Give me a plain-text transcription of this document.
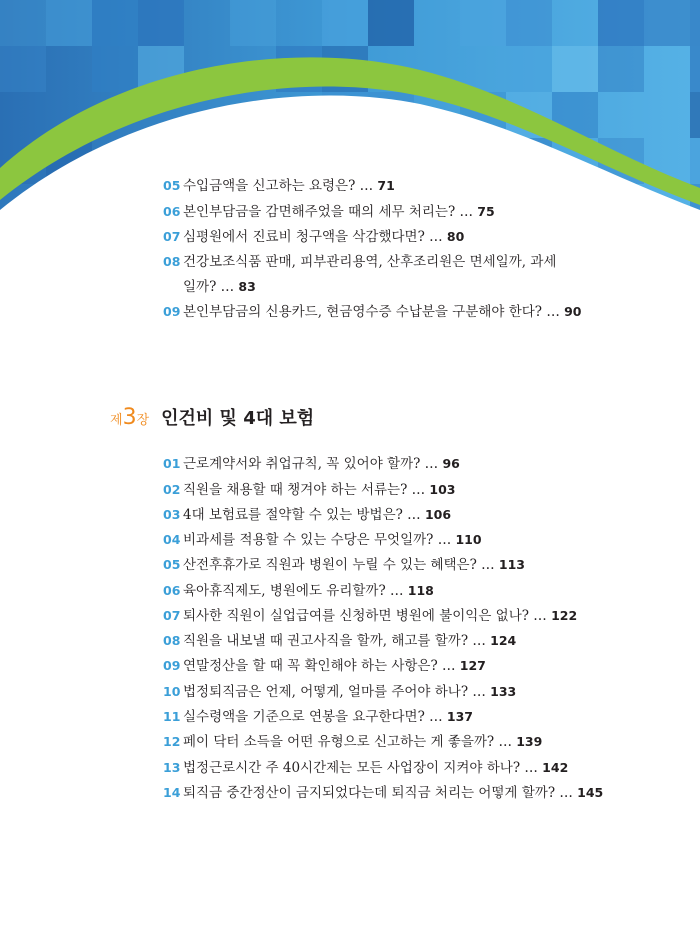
05 수입금액을 신고하는 요령은? … 71
06 본인부담금을 감면해주었을 때의 세무 처리는? … 75
07 심평원에서 진료비 청구액을 삭감했다면? … 80
08 건강보조식품 판매, 피부관리용역, 산후조리원은 면세일까, 과세
일까? … 83
09 본인부담금의 신용카드, 현금영수증 수납분을 구분해야 한다? … 90
제3장 인건비 및 4대 보험
01 근로계약서와 취업규칙, 꼭 있어야 할까? … 96
02 직원을 채용할 때 챙겨야 하는 서류는? … 103
03 4대 보험료를 절약할 수 있는 방법은? … 106
04 비과세를 적용할 수 있는 수당은 무엇일까? … 110
05 산전후휴가로 직원과 병원이 누릴 수 있는 혜택은? … 113
06 육아휴직제도, 병원에도 유리할까? … 118
07 퇴사한 직원이 실업급여를 신청하면 병원에 불이익은 없나? … 122
08 직원을 내보낼 때 권고사직을 할까, 해고를 할까? … 124
09 연말정산을 할 때 꼭 확인해야 하는 사항은? … 127
10 법정퇴직금은 언제, 어떻게, 얼마를 주어야 하나? … 133
11 실수령액을 기준으로 연봉을 요구한다면? … 137
12 페이 닥터 소득을 어떤 유형으로 신고하는 게 좋을까? … 139
13 법정근로시간 주 40시간제는 모든 사업장이 지켜야 하나? … 142
14 퇴직금 중간정산이 금지되었다는데 퇴직금 처리는 어떻게 할까? … 145
